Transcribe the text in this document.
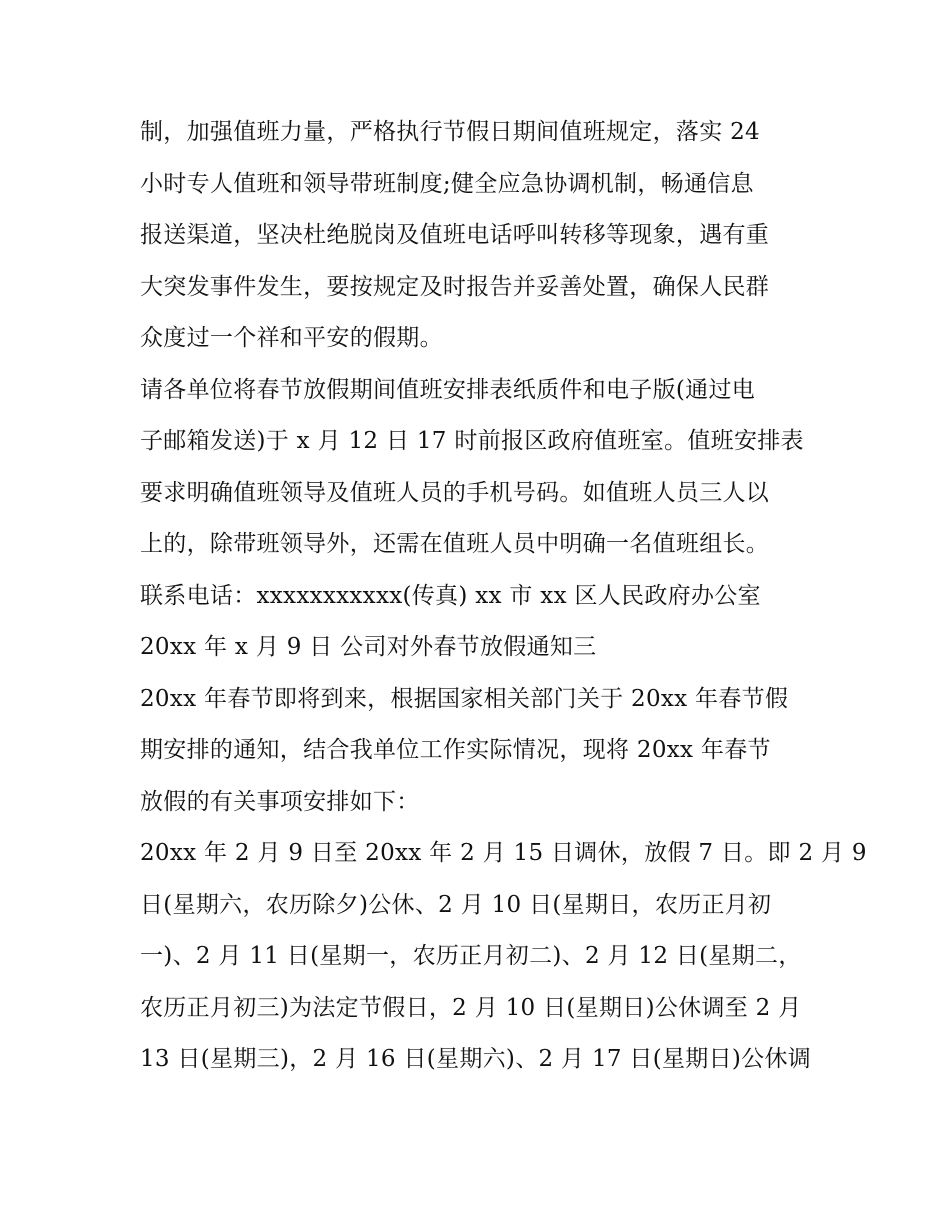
制，加强值班力量，严格执行节假日期间值班规定，落实 24
小时专人值班和领导带班制度;健全应急协调机制，畅通信息
报送渠道，坚决杜绝脱岗及值班电话呼叫转移等现象，遇有重
大突发事件发生，要按规定及时报告并妥善处置，确保人民群
众度过一个祥和平安的假期。
请各单位将春节放假期间值班安排表纸质件和电子版(通过电
子邮箱发送)于 x 月 12 日 17 时前报区政府值班室。值班安排表
要求明确值班领导及值班人员的手机号码。如值班人员三人以
上的，除带班领导外，还需在值班人员中明确一名值班组长。
联系电话：xxxxxxxxxxx(传真) xx 市 xx 区人民政府办公室
20xx 年 x 月 9 日 公司对外春节放假通知三
20xx 年春节即将到来，根据国家相关部门关于 20xx 年春节假
期安排的通知，结合我单位工作实际情况，现将 20xx 年春节
放假的有关事项安排如下：
20xx 年 2 月 9 日至 20xx 年 2 月 15 日调休，放假 7 日。即 2 月 9
日(星期六，农历除夕)公休、2 月 10 日(星期日，农历正月初
一)、2 月 11 日(星期一，农历正月初二)、2 月 12 日(星期二，
农历正月初三)为法定节假日，2 月 10 日(星期日)公休调至 2 月
13 日(星期三)，2 月 16 日(星期六)、2 月 17 日(星期日)公休调
